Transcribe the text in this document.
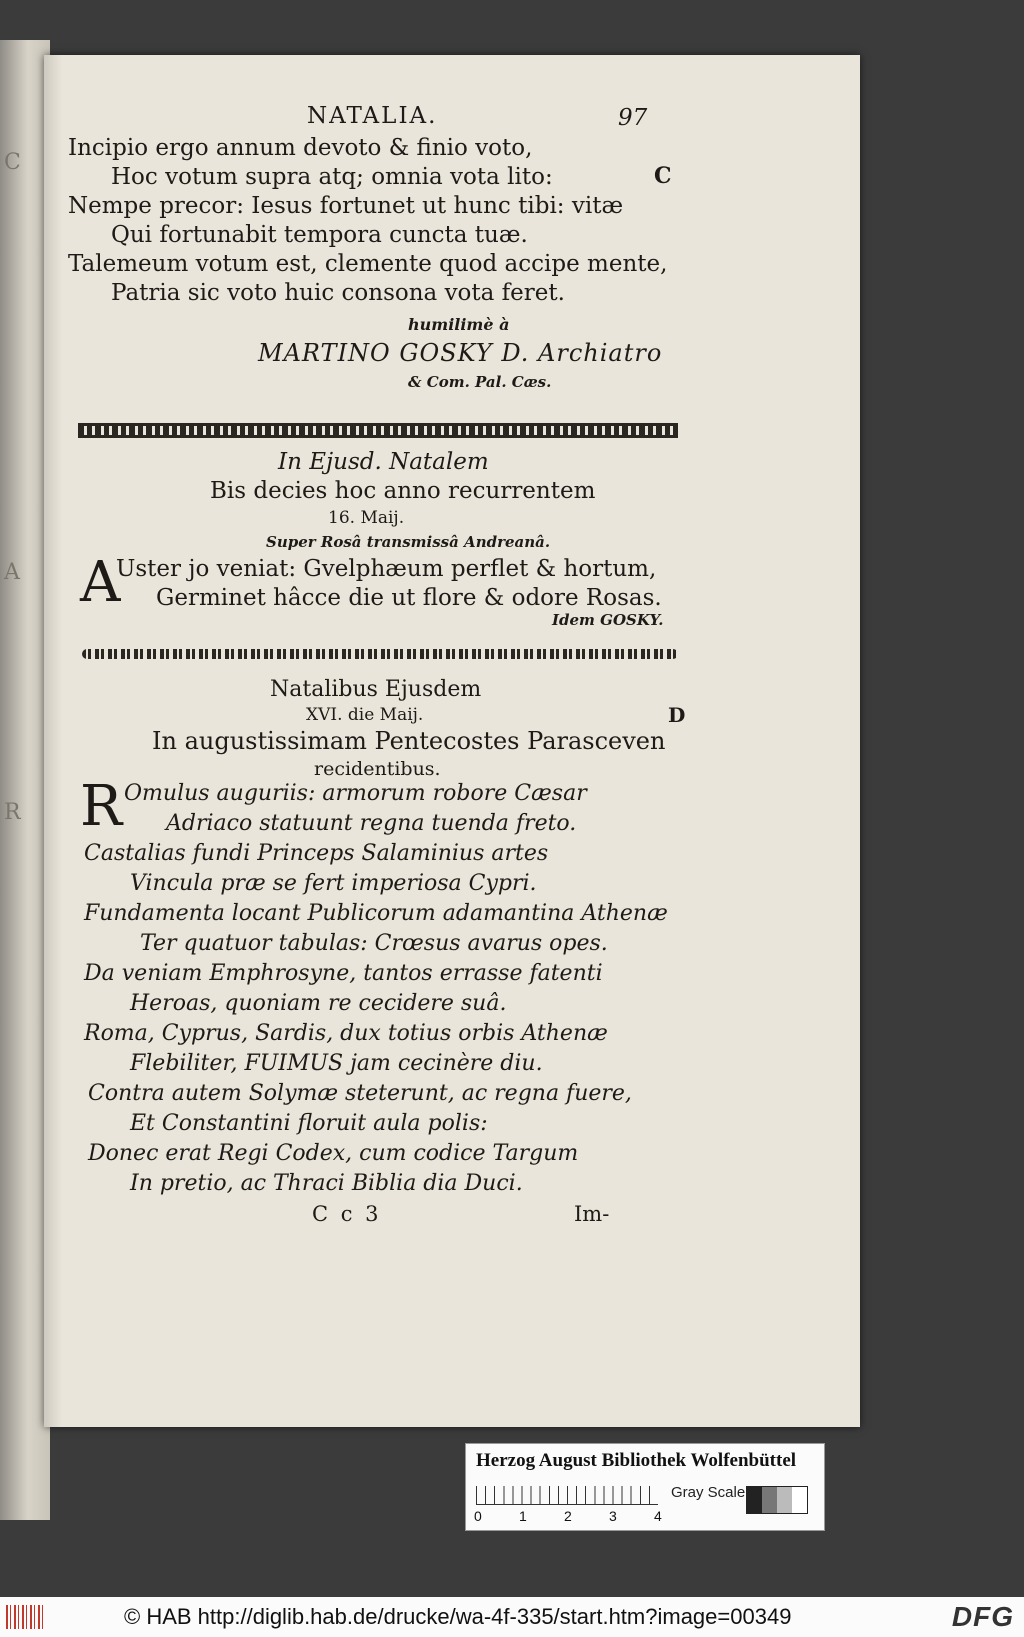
C
A
R
NATALIA.	97
C
Incipio ergo annum devoto & finio voto,
Hoc votum supra atq; omnia vota lito:
Nempe precor: Iesus fortunet ut hunc tibi: vitæ
Qui fortunabit tempora cuncta tuæ.
Talemeum votum est, clemente quod accipe mente,
Patria sic voto huic consona vota feret.
humilimè à
MARTINO GOSKY D. Archiatro
& Com. Pal. Cæs.
In Ejusd. Natalem
Bis decies hoc anno recurrentem
16. Maij.
Super Rosâ transmissâ Andreanâ.
A
Uster jo veniat: Gvelphæum perflet & hortum,
Germinet hâcce die ut flore & odore Rosas.
Idem GOSKY.
Natalibus Ejusdem
XVI. die Maij.	D
In augustissimam Pentecostes Parasceven
recidentibus.
R Omulus auguriis: armorum robore Cæsar
Adriaco statuunt regna tuenda freto.
Castalias fundi Princeps Salaminius artes
Vincula præ se fert imperiosa Cypri.
Fundamenta locant Publicorum adamantina Athenæ
Ter quatuor tabulas: Crœsus avarus opes.
Da veniam Emphrosyne, tantos errasse fatenti
Heroas, quoniam re cecidere suâ.
Roma, Cyprus, Sardis, dux totius orbis Athenæ
Flebiliter, FUIMUS jam cecinère diu.
Contra autem Solymæ steterunt, ac regna fuere,
Et Constantini floruit aula polis:
Donec erat Regi Codex, cum codice Targum
In pretio, ac Thraci Biblia dia Duci.
C c 3	Im-
Herzog August Bibliothek Wolfenbüttel
0	1	2	3	4
Gray Scale
© HAB http://diglib.hab.de/drucke/wa-4f-335/start.htm?image=00349	DFG
